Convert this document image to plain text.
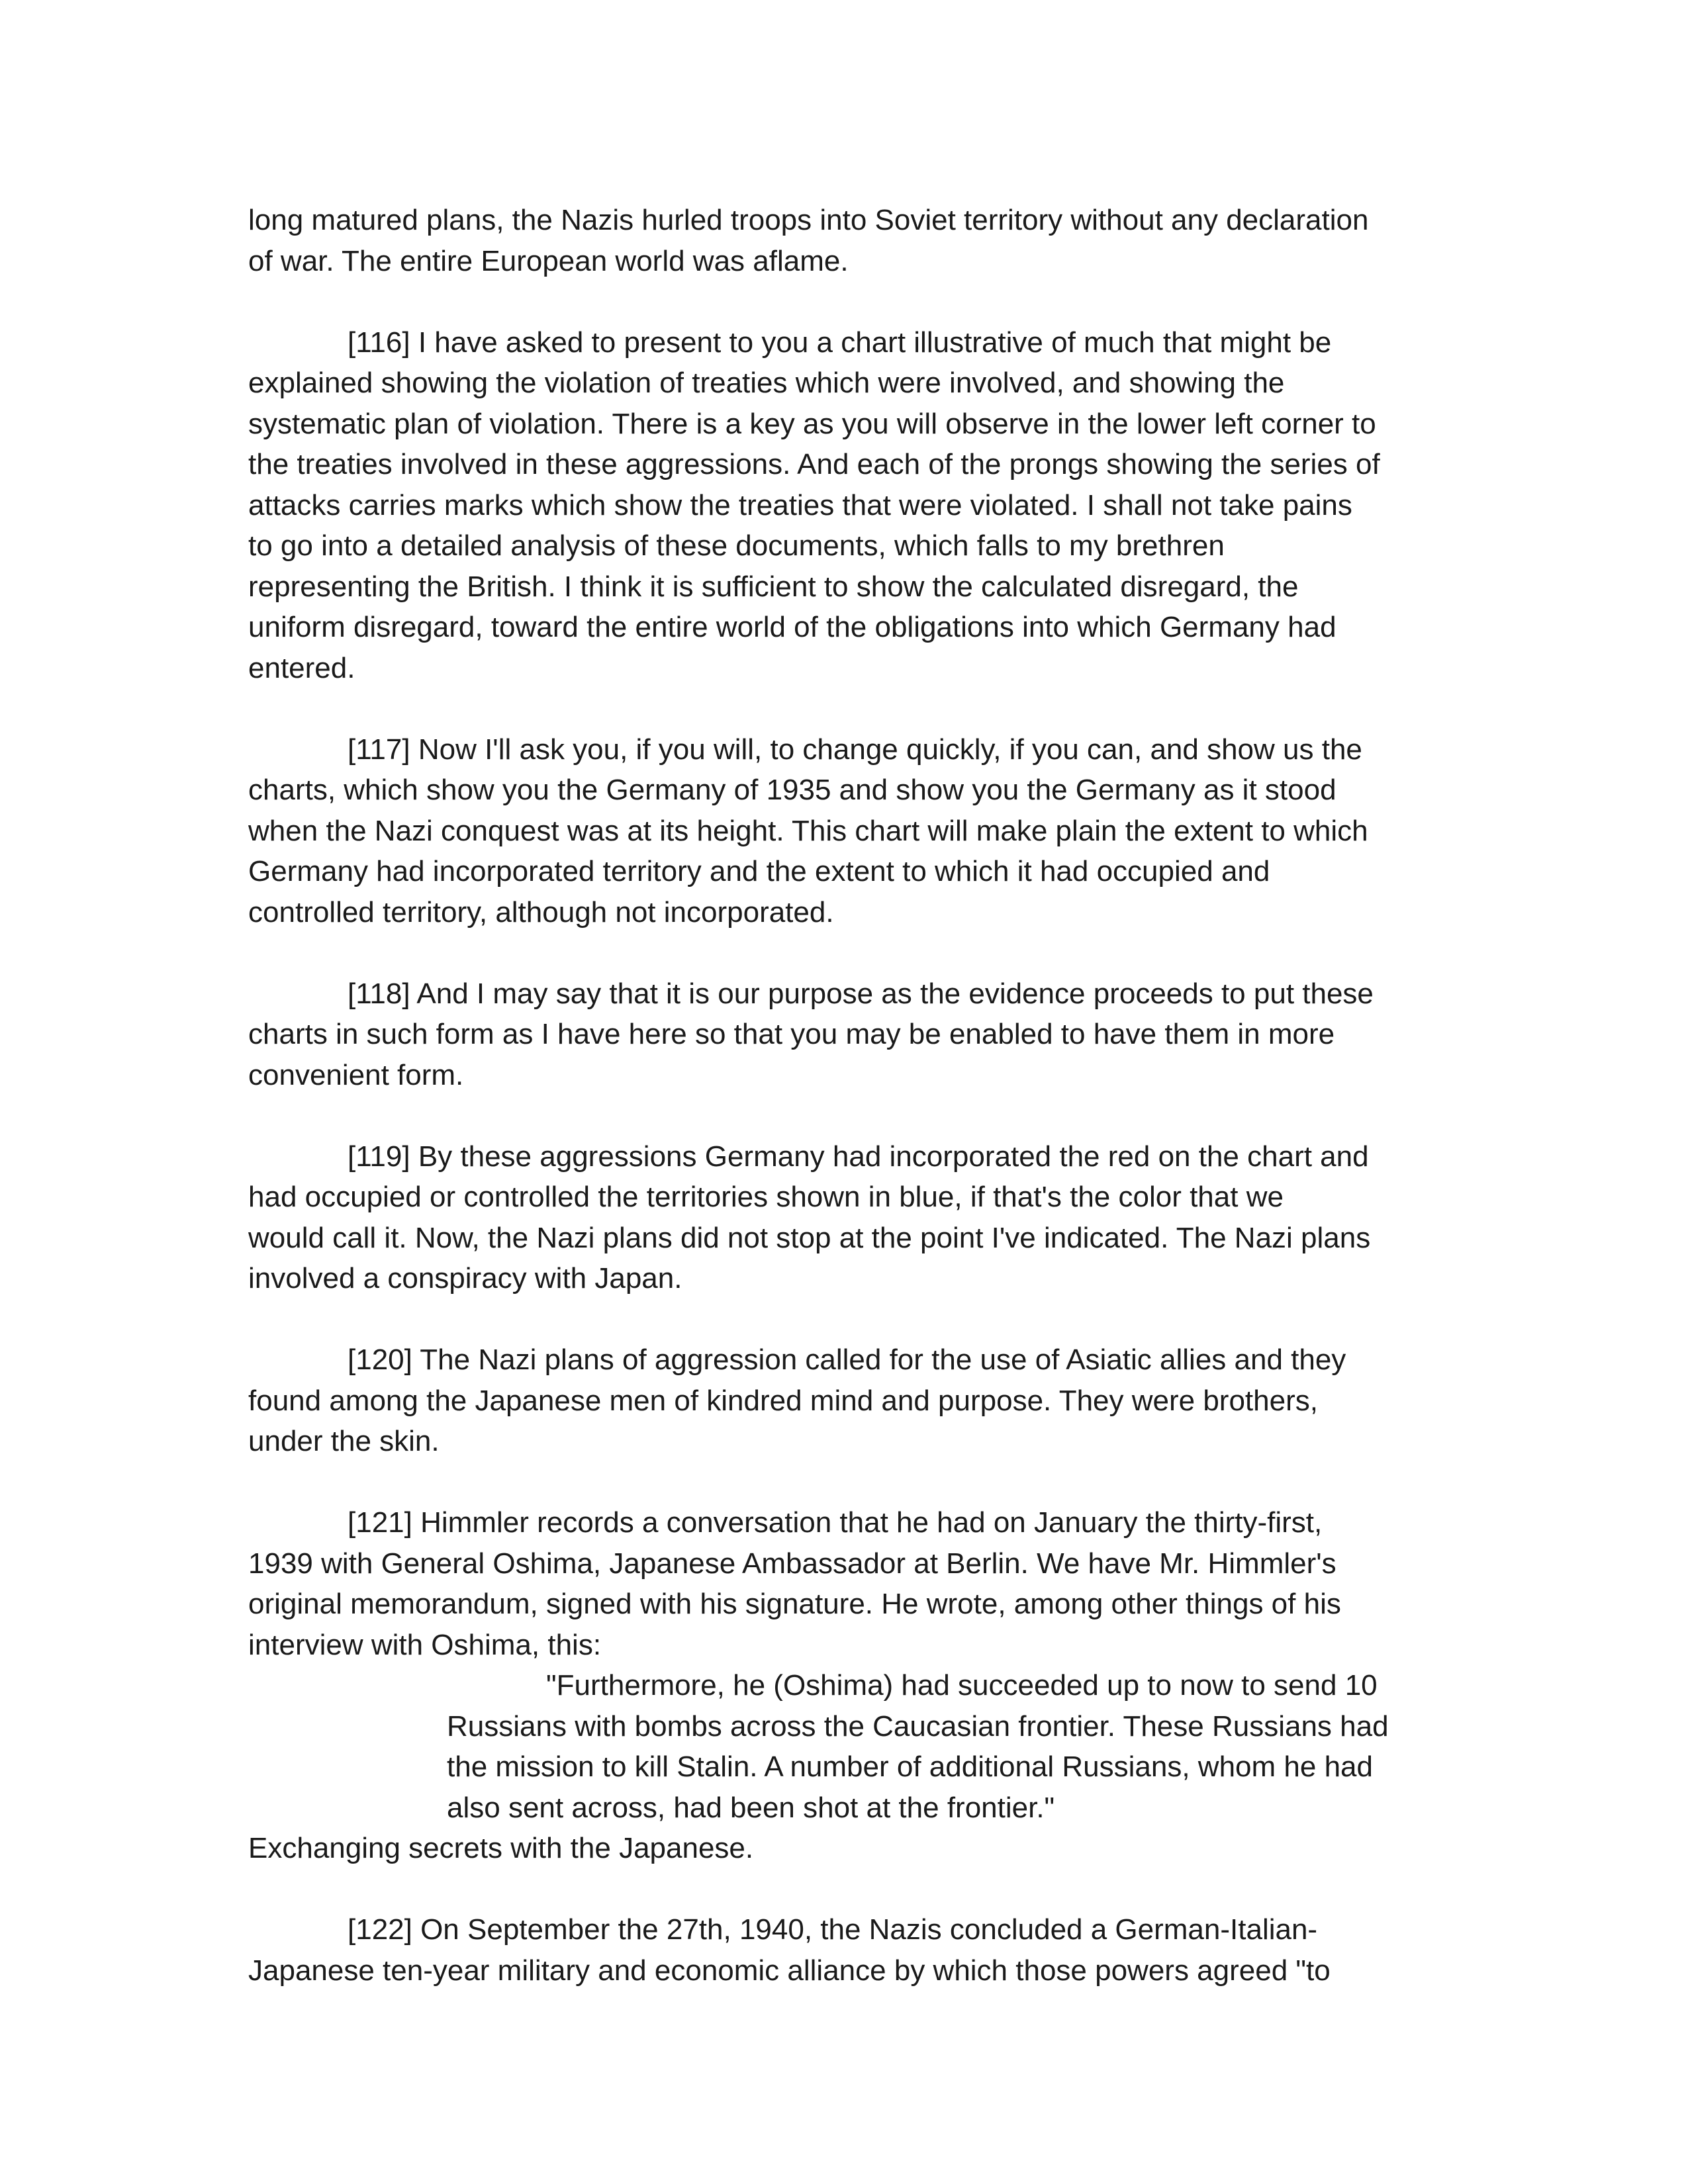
long matured plans, the Nazis hurled troops into Soviet territory without any declaration
of war. The entire European world was aflame.

[116] I have asked to present to you a chart illustrative of much that might be
explained showing the violation of treaties which were involved, and showing the
systematic plan of violation. There is a key as you will observe in the lower left corner to
the treaties involved in these aggressions. And each of the prongs showing the series of
attacks carries marks which show the treaties that were violated. I shall not take pains
to go into a detailed analysis of these documents, which falls to my brethren
representing the British. I think it is sufficient to show the calculated disregard, the
uniform disregard, toward the entire world of the obligations into which Germany had
entered.

[117] Now I'll ask you, if you will, to change quickly, if you can, and show us the
charts, which show you the Germany of 1935 and show you the Germany as it stood
when the Nazi conquest was at its height. This chart will make plain the extent to which
Germany had incorporated territory and the extent to which it had occupied and
controlled territory, although not incorporated.

[118] And I may say that it is our purpose as the evidence proceeds to put these
charts in such form as I have here so that you may be enabled to have them in more
convenient form.

[119] By these aggressions Germany had incorporated the red on the chart and
had occupied or controlled the territories shown in blue, if that's the color that we
would call it. Now, the Nazi plans did not stop at the point I've indicated. The Nazi plans
involved a conspiracy with Japan.

[120] The Nazi plans of aggression called for the use of Asiatic allies and they
found among the Japanese men of kindred mind and purpose. They were brothers,
under the skin.

[121] Himmler records a conversation that he had on January the thirty-first,
1939 with General Oshima, Japanese Ambassador at Berlin. We have Mr. Himmler's
original memorandum, signed with his signature. He wrote, among other things of his
interview with Oshima, this:

"Furthermore, he (Oshima) had succeeded up to now to send 10
Russians with bombs across the Caucasian frontier. These Russians had
the mission to kill Stalin. A number of additional Russians, whom he had
also sent across, had been shot at the frontier."

Exchanging secrets with the Japanese.

[122] On September the 27th, 1940, the Nazis concluded a German-Italian-
Japanese ten-year military and economic alliance by which those powers agreed "to
